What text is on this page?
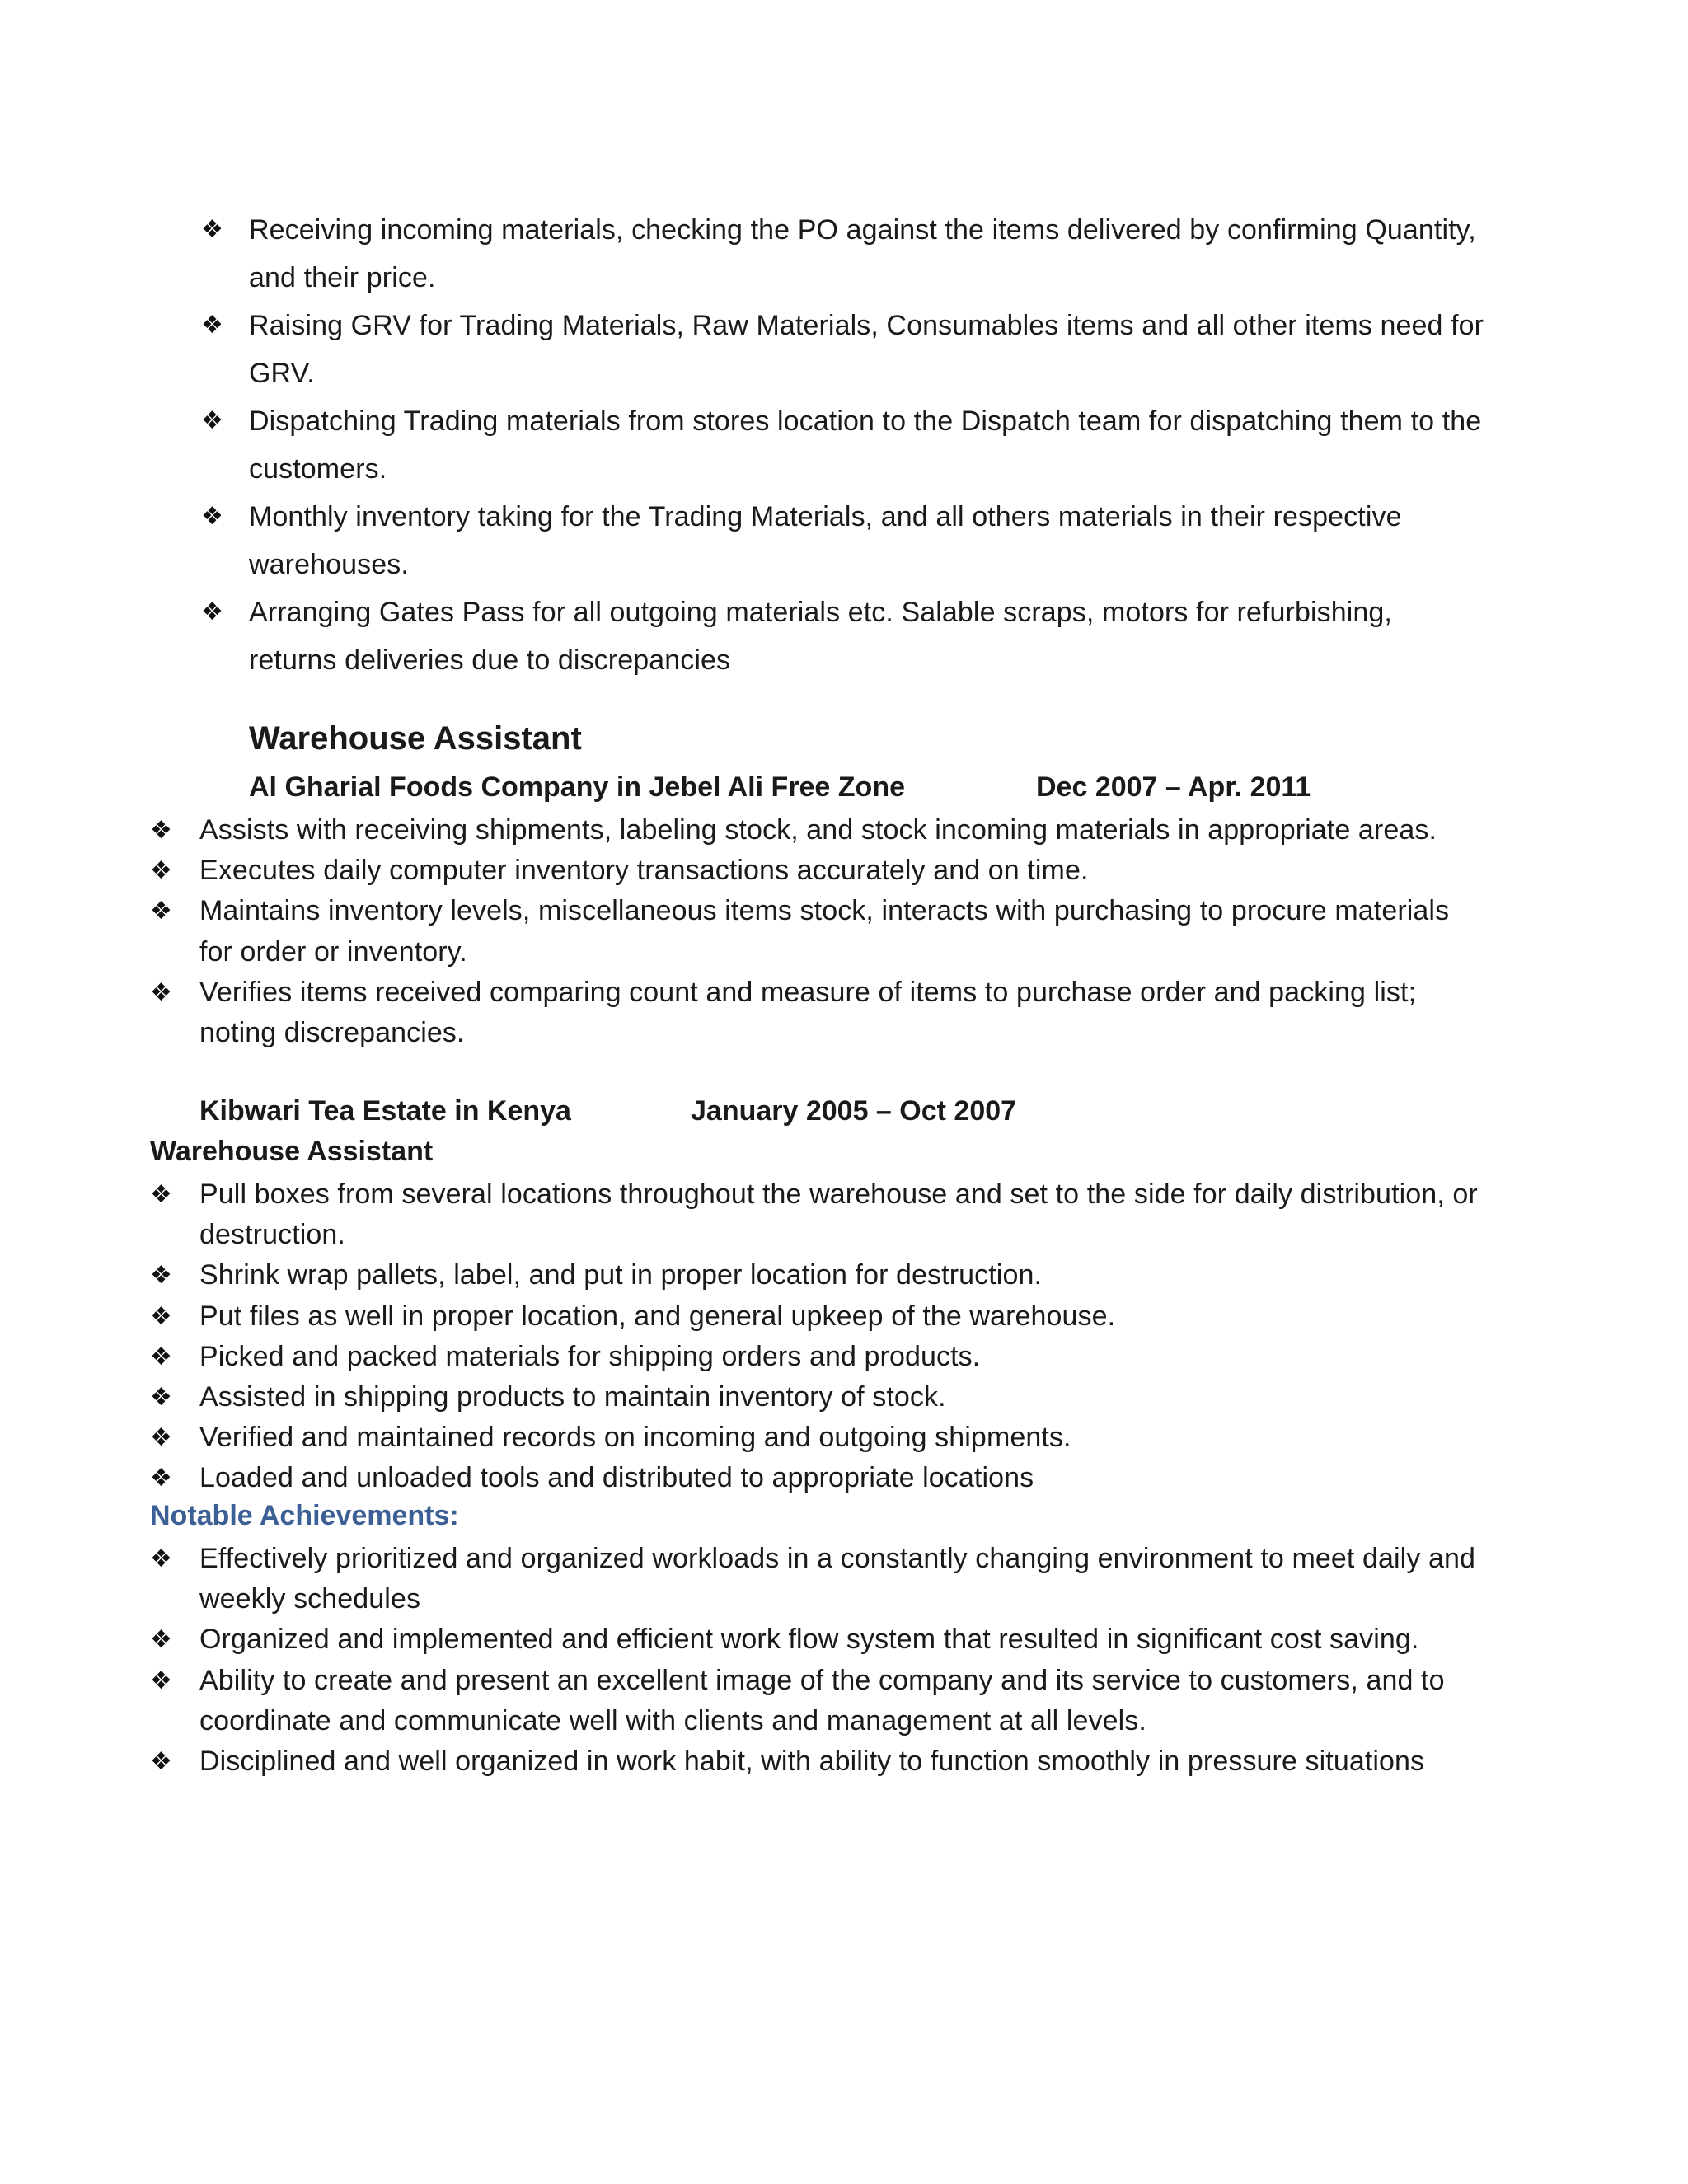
❖ Receiving incoming materials, checking the PO against the items delivered by confirming Quantity, and their price.
❖ Raising GRV for Trading Materials, Raw Materials, Consumables items and all other items need for GRV.
❖ Dispatching Trading materials from stores location to the Dispatch team for dispatching them to the customers.
❖ Monthly inventory taking for the Trading Materials, and all others materials in their respective warehouses.
❖ Arranging Gates Pass for all outgoing materials etc. Salable scraps, motors for refurbishing, returns deliveries due to discrepancies
Warehouse Assistant
Al Gharial Foods Company in Jebel Ali Free Zone	Dec 2007 – Apr. 2011
❖ Assists with receiving shipments, labeling stock, and stock incoming materials in appropriate areas.
❖ Executes daily computer inventory transactions accurately and on time.
❖ Maintains inventory levels, miscellaneous items stock, interacts with purchasing to procure materials for order or inventory.
❖ Verifies items received comparing count and measure of items to purchase order and packing list; noting discrepancies.
Kibwari Tea Estate in Kenya	January 2005 – Oct 2007
Warehouse Assistant
❖ Pull boxes from several locations throughout the warehouse and set to the side for daily distribution, or destruction.
❖ Shrink wrap pallets, label, and put in proper location for destruction.
❖ Put files as well in proper location, and general upkeep of the warehouse.
❖ Picked and packed materials for shipping orders and products.
❖ Assisted in shipping products to maintain inventory of stock.
❖ Verified and maintained records on incoming and outgoing shipments.
❖ Loaded and unloaded tools and distributed to appropriate locations
Notable Achievements:
❖ Effectively prioritized and organized workloads in a constantly changing environment to meet daily and weekly schedules
❖ Organized and implemented and efficient work flow system that resulted in significant cost saving.
❖ Ability to create and present an excellent image of the company and its service to customers, and to coordinate and communicate well with clients and management at all levels.
❖ Disciplined and well organized in work habit, with ability to function smoothly in pressure situations
